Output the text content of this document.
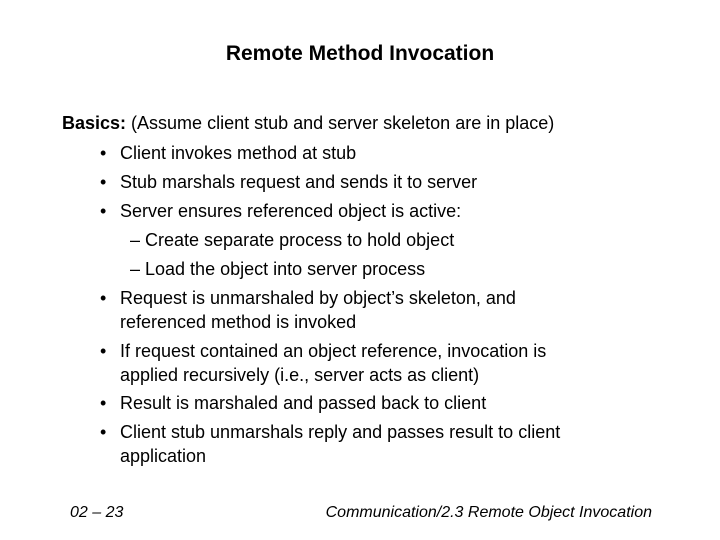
Remote Method Invocation
Basics: (Assume client stub and server skeleton are in place)
• Client invokes method at stub
• Stub marshals request and sends it to server
• Server ensures referenced object is active:
– Create separate process to hold object
– Load the object into server process
• Request is unmarshaled by object’s skeleton, and
referenced method is invoked
• If request contained an object reference, invocation is
applied recursively (i.e., server acts as client)
• Result is marshaled and passed back to client
• Client stub unmarshals reply and passes result to client
application
02 – 23	Communication/2.3 Remote Object Invocation
